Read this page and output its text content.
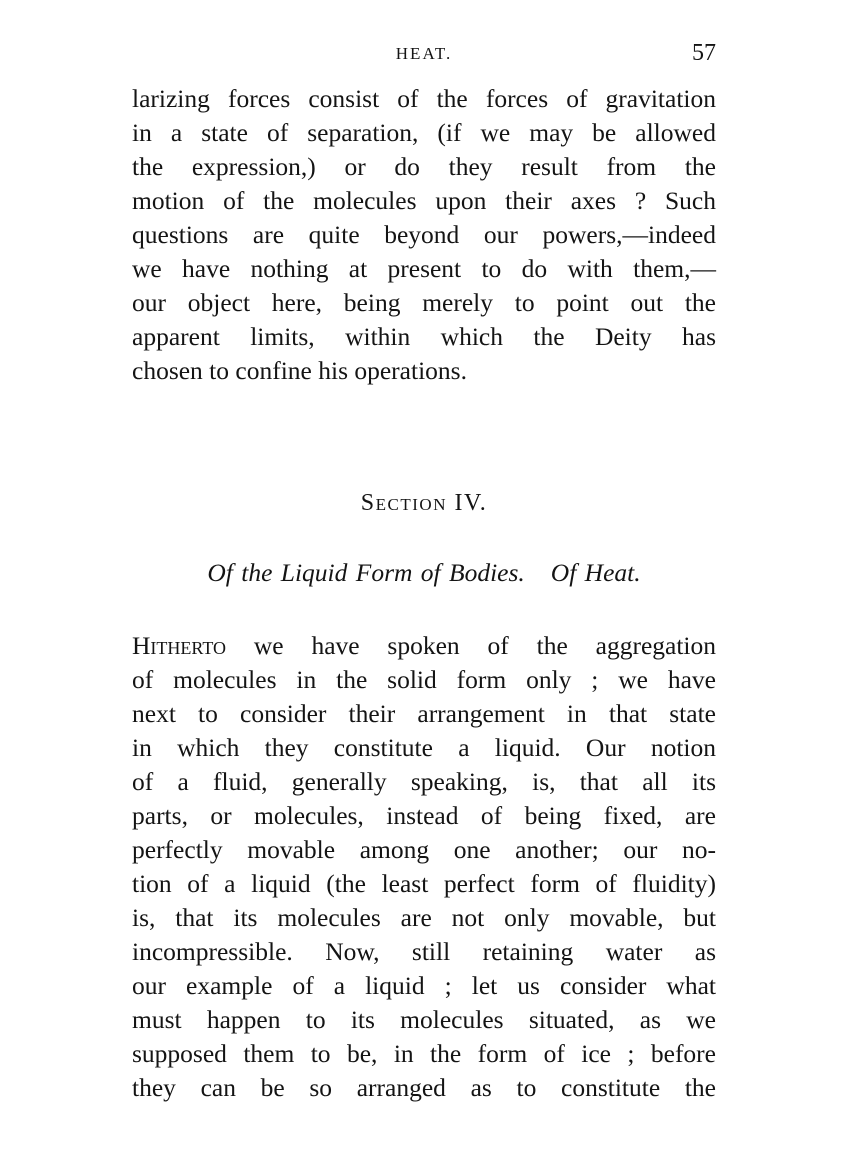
HEAT.	57
larizing forces consist of the forces of gravitation
in a state of separation, (if we may be allowed
the expression,) or do they result from the
motion of the molecules upon their axes ? Such
questions are quite beyond our powers,—indeed
we have nothing at present to do with them,—
our object here, being merely to point out the
apparent limits, within which the Deity has
chosen to confine his operations.
Section IV.
Of the Liquid Form of Bodies. Of Heat.
Hitherto we have spoken of the aggregation
of molecules in the solid form only ; we have
next to consider their arrangement in that state
in which they constitute a liquid. Our notion
of a fluid, generally speaking, is, that all its
parts, or molecules, instead of being fixed, are
perfectly movable among one another; our no-
tion of a liquid (the least perfect form of fluidity)
is, that its molecules are not only movable, but
incompressible. Now, still retaining water as
our example of a liquid ; let us consider what
must happen to its molecules situated, as we
supposed them to be, in the form of ice ; before
they can be so arranged as to constitute the
